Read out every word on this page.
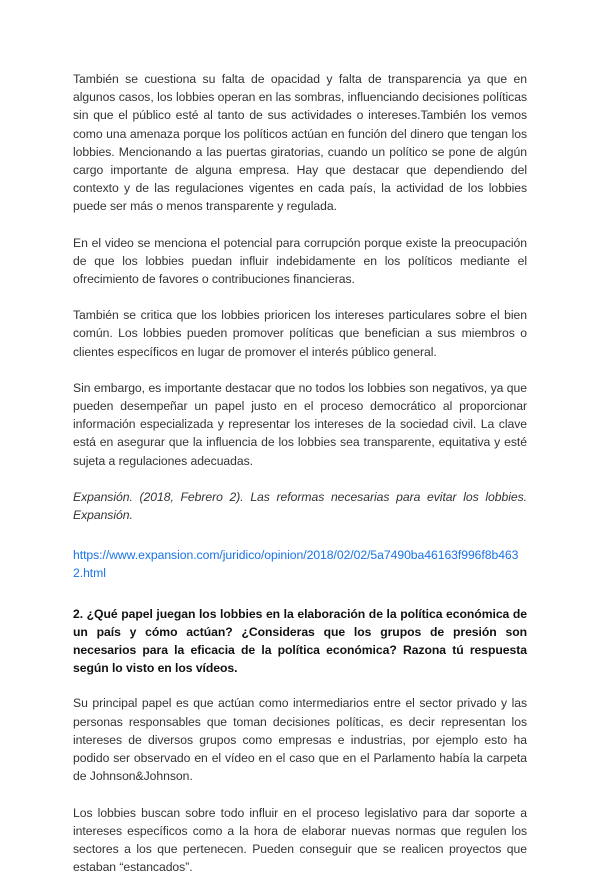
También se cuestiona su falta de opacidad y falta de transparencia ya que en algunos casos, los lobbies operan en las sombras, influenciando decisiones políticas sin que el público esté al tanto de sus actividades o intereses.También los vemos como una amenaza porque los políticos actúan en función del dinero que tengan los lobbies. Mencionando a las puertas giratorias, cuando un político se pone de algún cargo importante de alguna empresa. Hay que destacar que dependiendo del contexto y de las regulaciones vigentes en cada país, la actividad de los lobbies puede ser más o menos transparente y regulada.

En el video se menciona el potencial para corrupción porque existe la preocupación de que los lobbies puedan influir indebidamente en los políticos mediante el ofrecimiento de favores o contribuciones financieras.

También se critica que los lobbies prioricen los intereses particulares sobre el bien común. Los lobbies pueden promover políticas que benefician a sus miembros o clientes específicos en lugar de promover el interés público general.

Sin embargo, es importante destacar que no todos los lobbies son negativos, ya que pueden desempeñar un papel justo en el proceso democrático al proporcionar información especializada y representar los intereses de la sociedad civil. La clave está en asegurar que la influencia de los lobbies sea transparente, equitativa y esté sujeta a regulaciones adecuadas.

Expansión. (2018, Febrero 2). Las reformas necesarias para evitar los lobbies. Expansión.

https://www.expansion.com/juridico/opinion/2018/02/02/5a7490ba46163f996f8b4632.html

2. ¿Qué papel juegan los lobbies en la elaboración de la política económica de un país y cómo actúan? ¿Consideras que los grupos de presión son necesarios para la eficacia de la política económica? Razona tú respuesta según lo visto en los vídeos.

Su principal papel es que actúan como intermediarios entre el sector privado y las personas responsables que toman decisiones políticas, es decir representan los intereses de diversos grupos como empresas e industrias, por ejemplo esto ha podido ser observado en el vídeo en el caso que en el Parlamento había la carpeta de Johnson&Johnson.

Los lobbies buscan sobre todo influir en el proceso legislativo para dar soporte a intereses específicos como a la hora de elaborar nuevas normas que regulen los sectores a los que pertenecen. Pueden conseguir que se realicen proyectos que estaban “estancados”.
